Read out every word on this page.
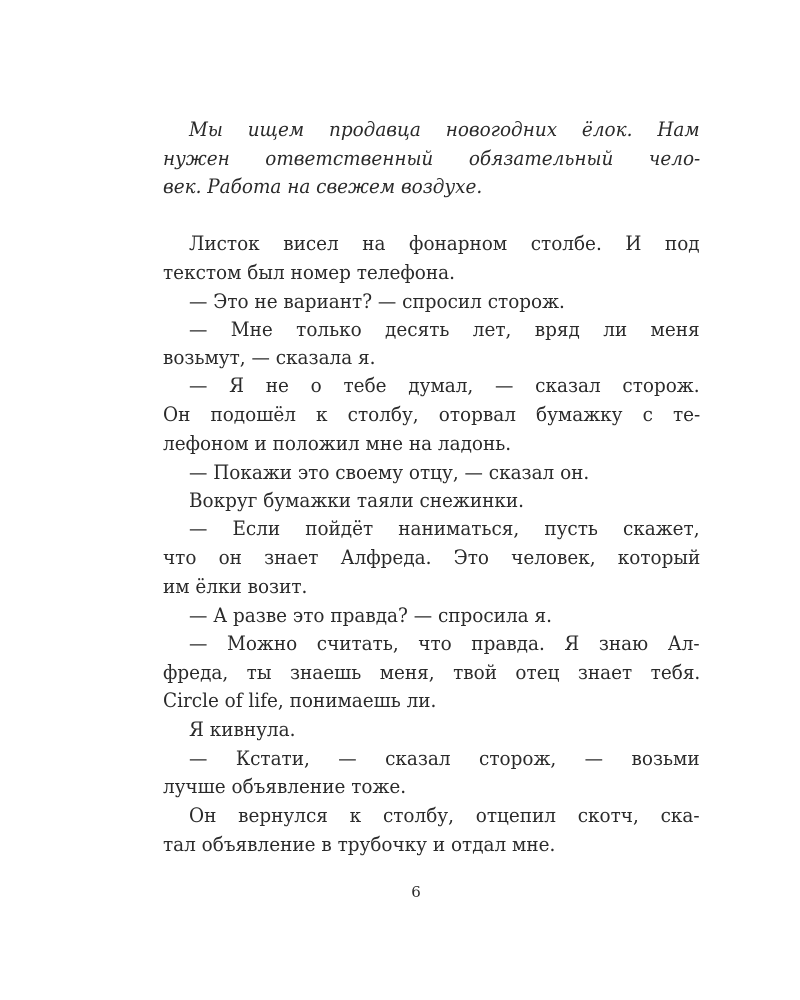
Мы ищем продавца новогодних ёлок. Нам
нужен ответственный обязательный чело-
век. Работа на свежем воздухе.
Листок висел на фонарном столбе. И под
текстом был номер телефона.
— Это не вариант? — спросил сторож.
— Мне только десять лет, вряд ли меня
возьмут, — сказала я.
— Я не о тебе думал, — сказал сторож.
Он подошёл к столбу, оторвал бумажку с те-
лефоном и положил мне на ладонь.
— Покажи это своему отцу, — сказал он.
Вокруг бумажки таяли снежинки.
— Если пойдёт наниматься, пусть скажет,
что он знает Алфреда. Это человек, который
им ёлки возит.
— А разве это правда? — спросила я.
— Можно считать, что правда. Я знаю Ал-
фреда, ты знаешь меня, твой отец знает тебя.
Circle of life, понимаешь ли.
Я кивнула.
— Кстати, — сказал сторож, — возьми
лучше объявление тоже.
Он вернулся к столбу, отцепил скотч, ска-
тал объявление в трубочку и отдал мне.
6
